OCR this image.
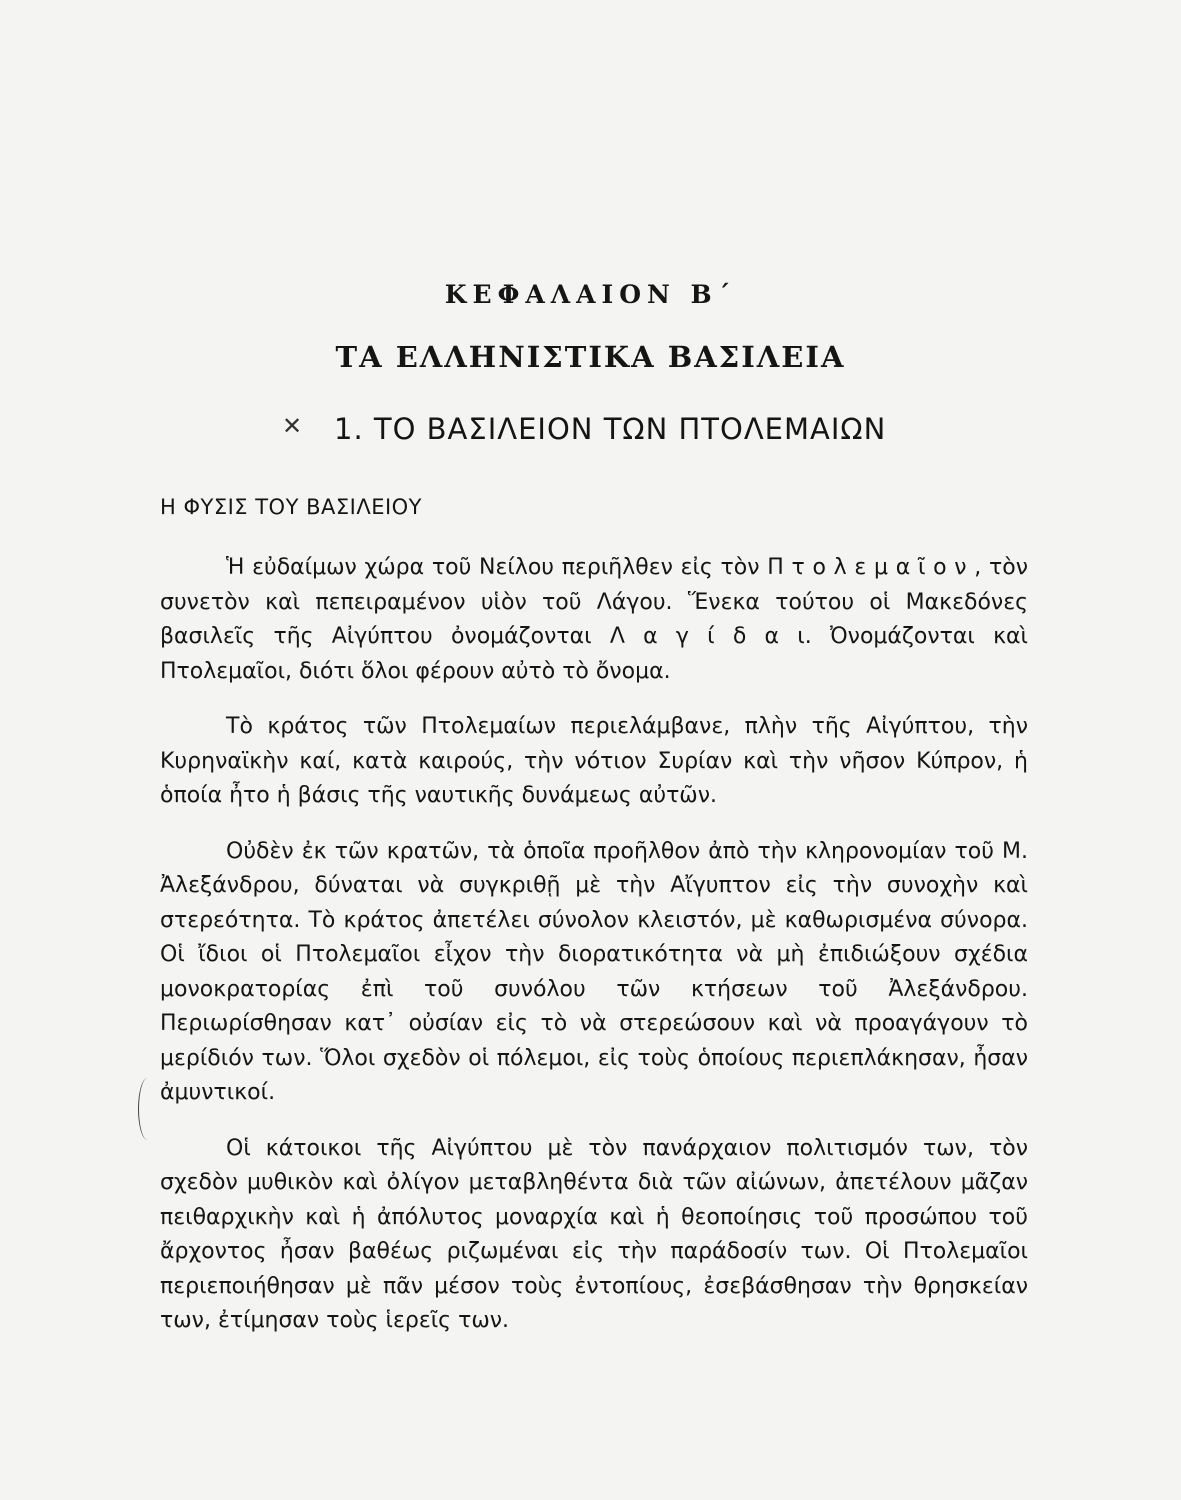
ΚΕΦΑΛΑΙΟΝ Β΄
ΤΑ ΕΛΛΗΝΙΣΤΙΚΑ ΒΑΣΙΛΕΙΑ
✕ 1. ΤΟ ΒΑΣΙΛΕΙΟΝ ΤΩΝ ΠΤΟΛΕΜΑΙΩΝ
Η ΦΥΣΙΣ ΤΟΥ ΒΑΣΙΛΕΙΟΥ

Ἡ εὐδαίμων χώρα τοῦ Νείλου περιῆλθεν εἰς τὸν Π τ ο λ ε μ α ῖ ο ν , τὸν συνετὸν καὶ πεπειραμένον υἱὸν τοῦ Λάγου. Ἕνεκα τούτου οἱ Μακεδόνες βασιλεῖς τῆς Αἰγύπτου ὀνομάζονται Λ α γ ί δ α ι. Ὀνομάζονται καὶ Πτολεμαῖοι, διότι ὅλοι φέρουν αὐτὸ τὸ ὄνομα.

Τὸ κράτος τῶν Πτολεμαίων περιελάμβανε, πλὴν τῆς Αἰγύπτου, τὴν Κυρηναϊκὴν καί, κατὰ καιρούς, τὴν νότιον Συρίαν καὶ τὴν νῆσον Κύπρον, ἡ ὁποία ἦτο ἡ βάσις τῆς ναυτικῆς δυνάμεως αὐτῶν.

Οὐδὲν ἐκ τῶν κρατῶν, τὰ ὁποῖα προῆλθον ἀπὸ τὴν κληρονομίαν τοῦ Μ. Ἀλεξάνδρου, δύναται νὰ συγκριθῇ μὲ τὴν Αἴγυπτον εἰς τὴν συνοχὴν καὶ στερεότητα. Τὸ κράτος ἀπετέλει σύνολον κλειστόν, μὲ καθωρισμένα σύνορα. Οἱ ἴδιοι οἱ Πτολεμαῖοι εἶχον τὴν διορατικότητα νὰ μὴ ἐπιδιώξουν σχέδια μονοκρατορίας ἐπὶ τοῦ συνόλου τῶν κτήσεων τοῦ Ἀλεξάνδρου. Περιωρίσθησαν κατ᾽ οὐσίαν εἰς τὸ νὰ στερεώσουν καὶ νὰ προαγάγουν τὸ μερίδιόν των. Ὅλοι σχεδὸν οἱ πόλεμοι, εἰς τοὺς ὁποίους περιεπλάκησαν, ἦσαν ἀμυντικοί.

Οἱ κάτοικοι τῆς Αἰγύπτου μὲ τὸν πανάρχαιον πολιτισμόν των, τὸν σχεδὸν μυθικὸν καὶ ὀλίγον μεταβληθέντα διὰ τῶν αἰώνων, ἀπετέλουν μᾶζαν πειθαρχικὴν καὶ ἡ ἀπόλυτος μοναρχία καὶ ἡ θεοποίησις τοῦ προσώπου τοῦ ἄρχοντος ἦσαν βαθέως ριζωμέναι εἰς τὴν παράδοσίν των. Οἱ Πτολεμαῖοι περιεποιήθησαν μὲ πᾶν μέσον τοὺς ἐντοπίους, ἐσεβάσθησαν τὴν θρησκείαν των, ἐτίμησαν τοὺς ἱερεῖς των.
